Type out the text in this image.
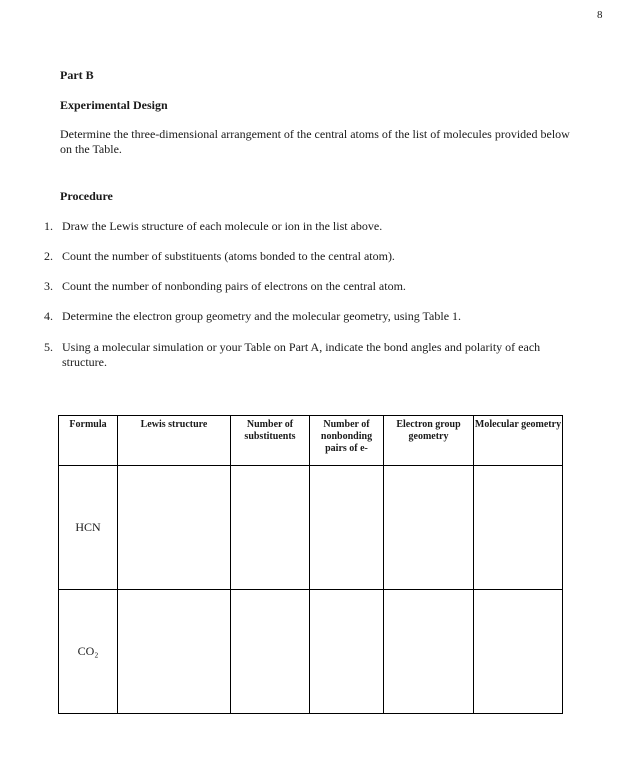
8
Part B
Experimental Design
Determine the three-dimensional arrangement of the central atoms of the list of molecules provided below on the Table.
Procedure
1. Draw the Lewis structure of each molecule or ion in the list above.
2. Count the number of substituents (atoms bonded to the central atom).
3. Count the number of nonbonding pairs of electrons on the central atom.
4. Determine the electron group geometry and the molecular geometry, using Table 1.
5. Using a molecular simulation or your Table on Part A, indicate the bond angles and polarity of each structure.
Formula	Lewis structure	Number of substituents	Number of nonbonding pairs of e-	Electron group geometry	Molecular geometry
HCN					
CO₂					
